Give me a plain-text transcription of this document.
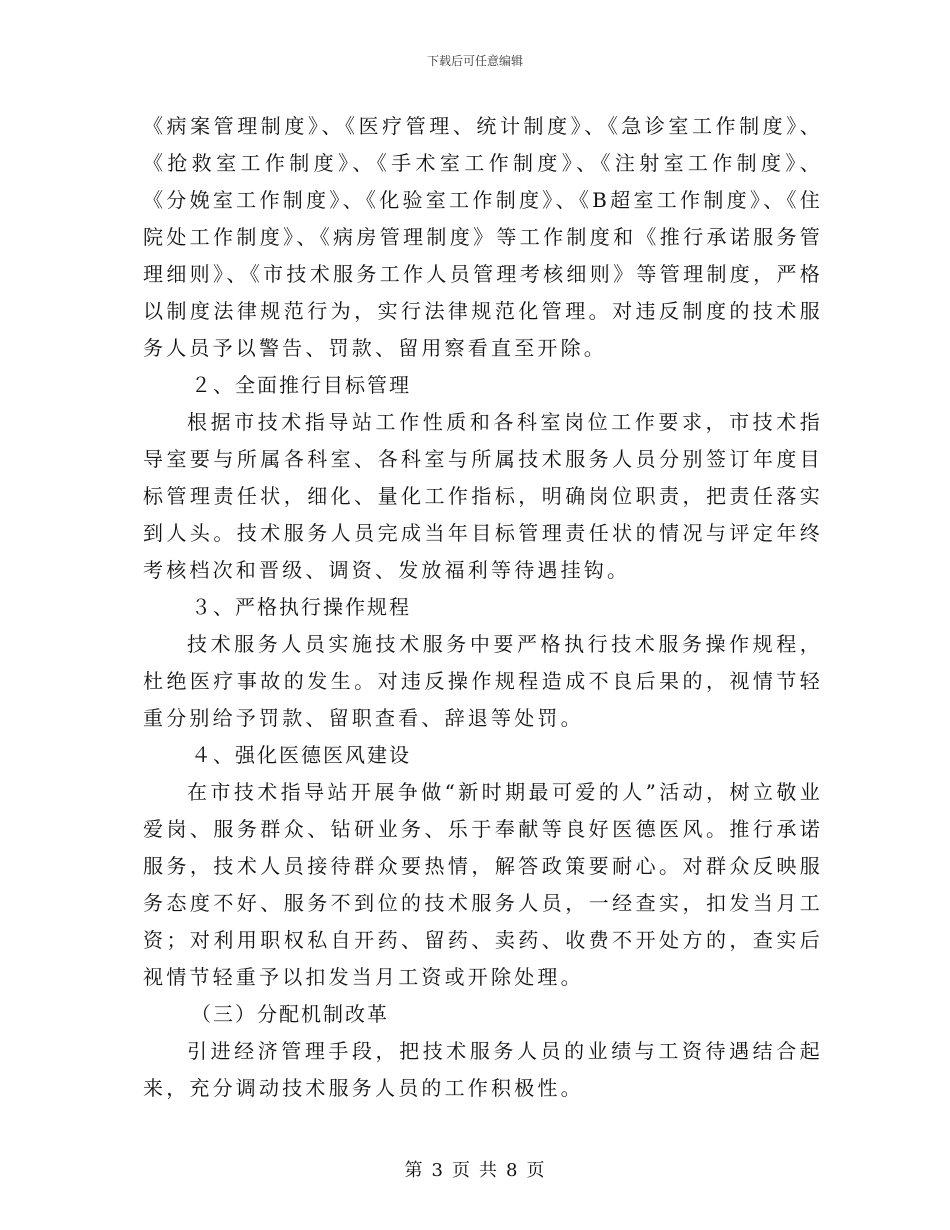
下载后可任意编辑

《病案管理制度》、《医疗管理、统计制度》、《急诊室工作制度》、《抢救室工作制度》、《手术室工作制度》、《注射室工作制度》、《分娩室工作制度》、《化验室工作制度》、《B超室工作制度》、《住院处工作制度》、《病房管理制度》等工作制度和《推行承诺服务管理细则》、《市技术服务工作人员管理考核细则》等管理制度，严格以制度法律规范行为，实行法律规范化管理。对违反制度的技术服务人员予以警告、罚款、留用察看直至开除。

２、全面推行目标管理

根据市技术指导站工作性质和各科室岗位工作要求，市技术指导室要与所属各科室、各科室与所属技术服务人员分别签订年度目标管理责任状，细化、量化工作指标，明确岗位职责，把责任落实到人头。技术服务人员完成当年目标管理责任状的情况与评定年终考核档次和晋级、调资、发放福利等待遇挂钩。

３、严格执行操作规程

技术服务人员实施技术服务中要严格执行技术服务操作规程，杜绝医疗事故的发生。对违反操作规程造成不良后果的，视情节轻重分别给予罚款、留职查看、辞退等处罚。

４、强化医德医风建设

在市技术指导站开展争做“新时期最可爱的人”活动，树立敬业爱岗、服务群众、钻研业务、乐于奉献等良好医德医风。推行承诺服务，技术人员接待群众要热情，解答政策要耐心。对群众反映服务态度不好、服务不到位的技术服务人员，一经查实，扣发当月工资；对利用职权私自开药、留药、卖药、收费不开处方的，查实后视情节轻重予以扣发当月工资或开除处理。

（三）分配机制改革

引进经济管理手段，把技术服务人员的业绩与工资待遇结合起来，充分调动技术服务人员的工作积极性。

第 3 页 共 8 页
